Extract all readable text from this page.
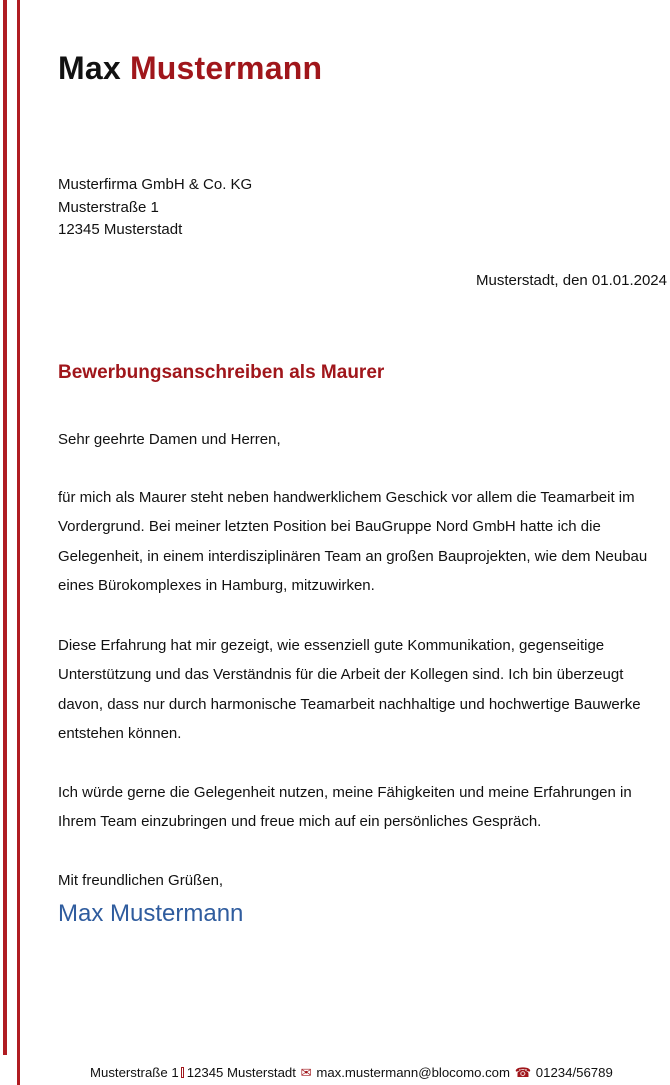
Max Mustermann
Musterfirma GmbH & Co. KG
Musterstraße 1
12345 Musterstadt
Musterstadt, den 01.01.2024
Bewerbungsanschreiben als Maurer
Sehr geehrte Damen und Herren,
für mich als Maurer steht neben handwerklichem Geschick vor allem die Teamarbeit im Vordergrund. Bei meiner letzten Position bei BauGruppe Nord GmbH hatte ich die Gelegenheit, in einem interdisziplinären Team an großen Bauprojekten, wie dem Neubau eines Bürokomplexes in Hamburg, mitzuwirken.
Diese Erfahrung hat mir gezeigt, wie essenziell gute Kommunikation, gegenseitige Unterstützung und das Verständnis für die Arbeit der Kollegen sind. Ich bin überzeugt davon, dass nur durch harmonische Teamarbeit nachhaltige und hochwertige Bauwerke entstehen können.
Ich würde gerne die Gelegenheit nutzen, meine Fähigkeiten und meine Erfahrungen in Ihrem Team einzubringen und freue mich auf ein persönliches Gespräch.
Mit freundlichen Grüßen,
Max Mustermann
Musterstraße 1 12345 Musterstadt ✉ max.mustermann@blocomo.com ☎ 01234/56789
